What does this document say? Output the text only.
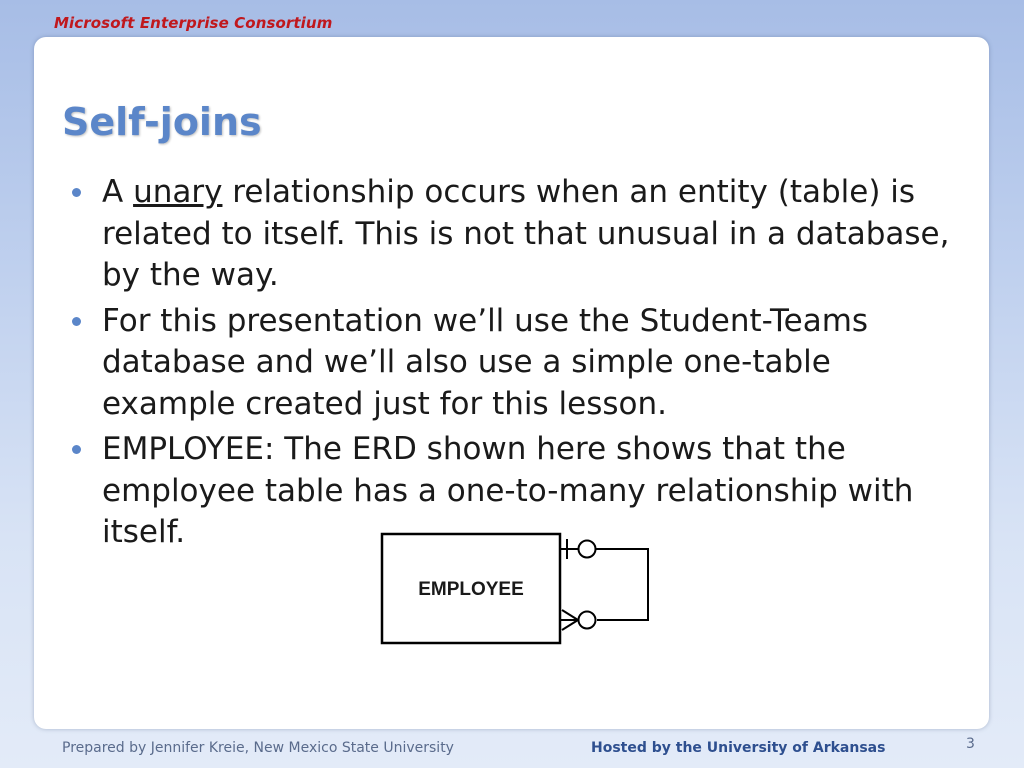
Microsoft Enterprise Consortium
Self-joins
A unary relationship occurs when an entity (table) is related to itself. This is not that unusual in a database, by the way.
For this presentation we’ll use the Student-Teams database and we’ll also use a simple one-table example created just for this lesson.
EMPLOYEE: The ERD shown here shows that the employee table has a one-to-many relationship with itself.
EMPLOYEE
Prepared by Jennifer Kreie, New Mexico State University	Hosted by the University of Arkansas	3
